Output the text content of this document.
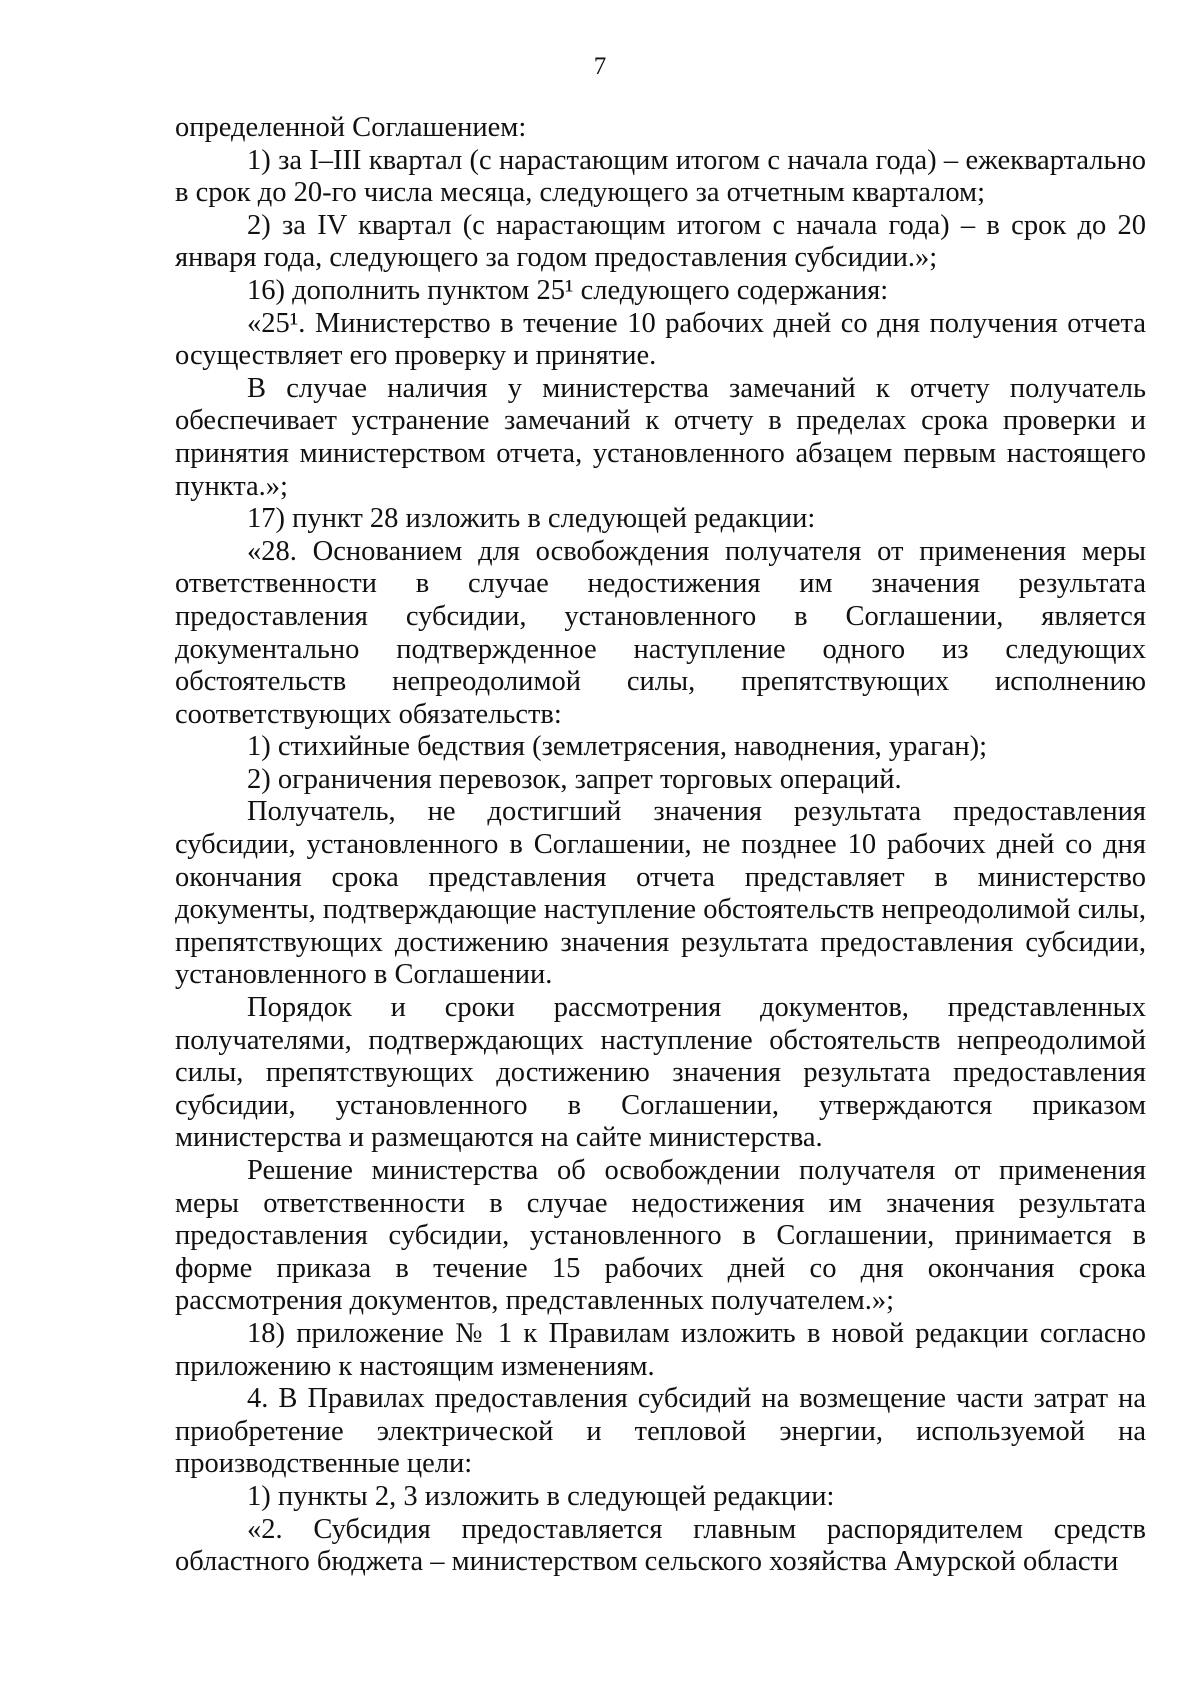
7

определенной Соглашением:

1) за I–III квартал (с нарастающим итогом с начала года) – ежеквартально в срок до 20-го числа месяца, следующего за отчетным кварталом;

2) за IV квартал (с нарастающим итогом с начала года) – в срок до 20 января года, следующего за годом предоставления субсидии.»;

16) дополнить пунктом 25¹ следующего содержания:

«25¹. Министерство в течение 10 рабочих дней со дня получения отчета осуществляет его проверку и принятие.

В случае наличия у министерства замечаний к отчету получатель обеспечивает устранение замечаний к отчету в пределах срока проверки и принятия министерством отчета, установленного абзацем первым настоящего пункта.»;

17) пункт 28 изложить в следующей редакции:

«28. Основанием для освобождения получателя от применения меры ответственности в случае недостижения им значения результата предоставления субсидии, установленного в Соглашении, является документально подтвержденное наступление одного из следующих обстоятельств непреодолимой силы, препятствующих исполнению соответствующих обязательств:

1) стихийные бедствия (землетрясения, наводнения, ураган);

2) ограничения перевозок, запрет торговых операций.

Получатель, не достигший значения результата предоставления субсидии, установленного в Соглашении, не позднее 10 рабочих дней со дня окончания срока представления отчета представляет в министерство документы, подтверждающие наступление обстоятельств непреодолимой силы, препятствующих достижению значения результата предоставления субсидии, установленного в Соглашении.

Порядок и сроки рассмотрения документов, представленных получателями, подтверждающих наступление обстоятельств непреодолимой силы, препятствующих достижению значения результата предоставления субсидии, установленного в Соглашении, утверждаются приказом министерства и размещаются на сайте министерства.

Решение министерства об освобождении получателя от применения меры ответственности в случае недостижения им значения результата предоставления субсидии, установленного в Соглашении, принимается в форме приказа в течение 15 рабочих дней со дня окончания срока рассмотрения документов, представленных получателем.»;

18) приложение № 1 к Правилам изложить в новой редакции согласно приложению к настоящим изменениям.

4. В Правилах предоставления субсидий на возмещение части затрат на приобретение электрической и тепловой энергии, используемой на производственные цели:

1) пункты 2, 3 изложить в следующей редакции:

«2. Субсидия предоставляется главным распорядителем средств областного бюджета – министерством сельского хозяйства Амурской области
